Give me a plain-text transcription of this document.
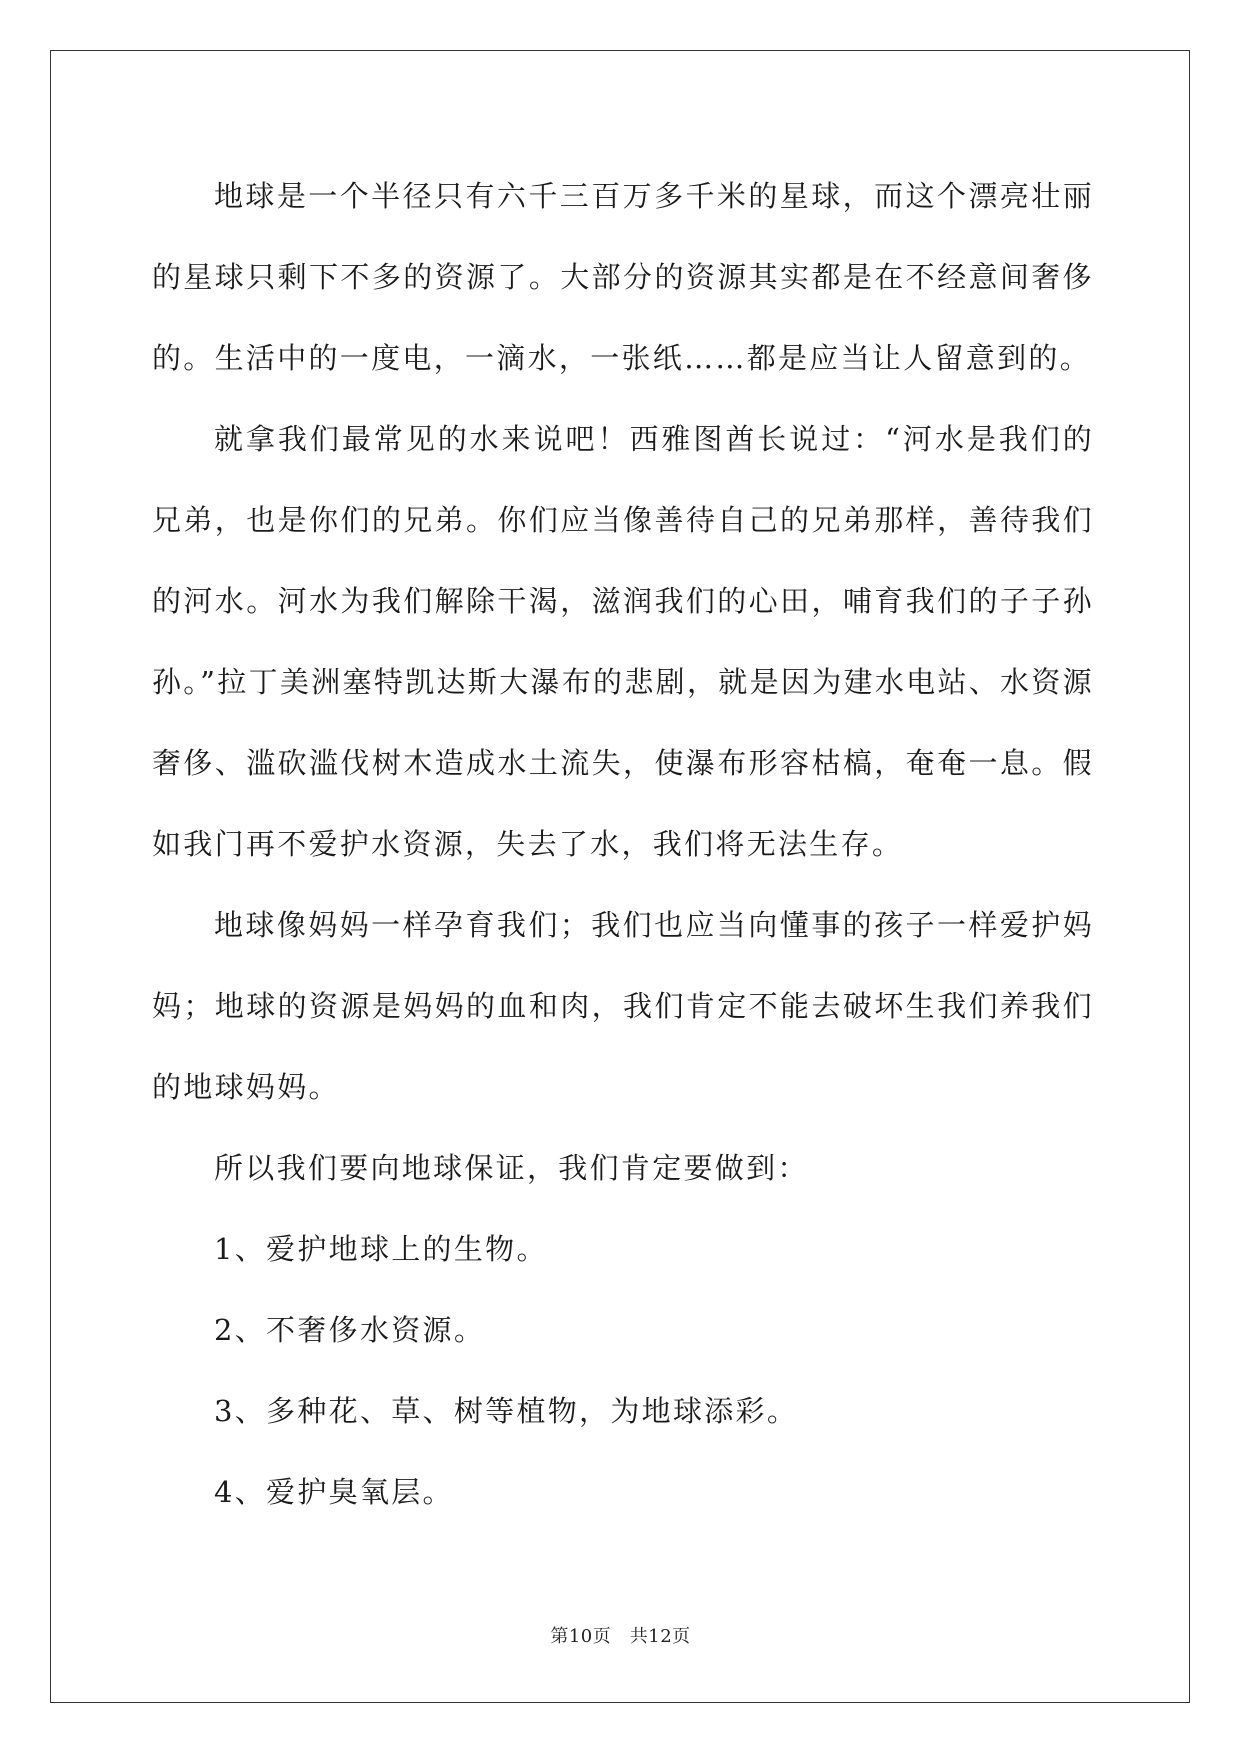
地球是一个半径只有六千三百万多千米的星球，而这个漂亮壮丽的星球只剩下不多的资源了。大部分的资源其实都是在不经意间奢侈的。生活中的一度电，一滴水，一张纸……都是应当让人留意到的。

就拿我们最常见的水来说吧！西雅图酋长说过：“河水是我们的兄弟，也是你们的兄弟。你们应当像善待自己的兄弟那样，善待我们的河水。河水为我们解除干渴，滋润我们的心田，哺育我们的子子孙孙。”拉丁美洲塞特凯达斯大瀑布的悲剧，就是因为建水电站、水资源奢侈、滥砍滥伐树木造成水土流失，使瀑布形容枯槁，奄奄一息。假如我门再不爱护水资源，失去了水，我们将无法生存。

地球像妈妈一样孕育我们；我们也应当向懂事的孩子一样爱护妈妈；地球的资源是妈妈的血和肉，我们肯定不能去破坏生我们养我们的地球妈妈。

所以我们要向地球保证，我们肯定要做到：

1、爱护地球上的生物。

2、不奢侈水资源。

3、多种花、草、树等植物，为地球添彩。

4、爱护臭氧层。

第10页　共12页
